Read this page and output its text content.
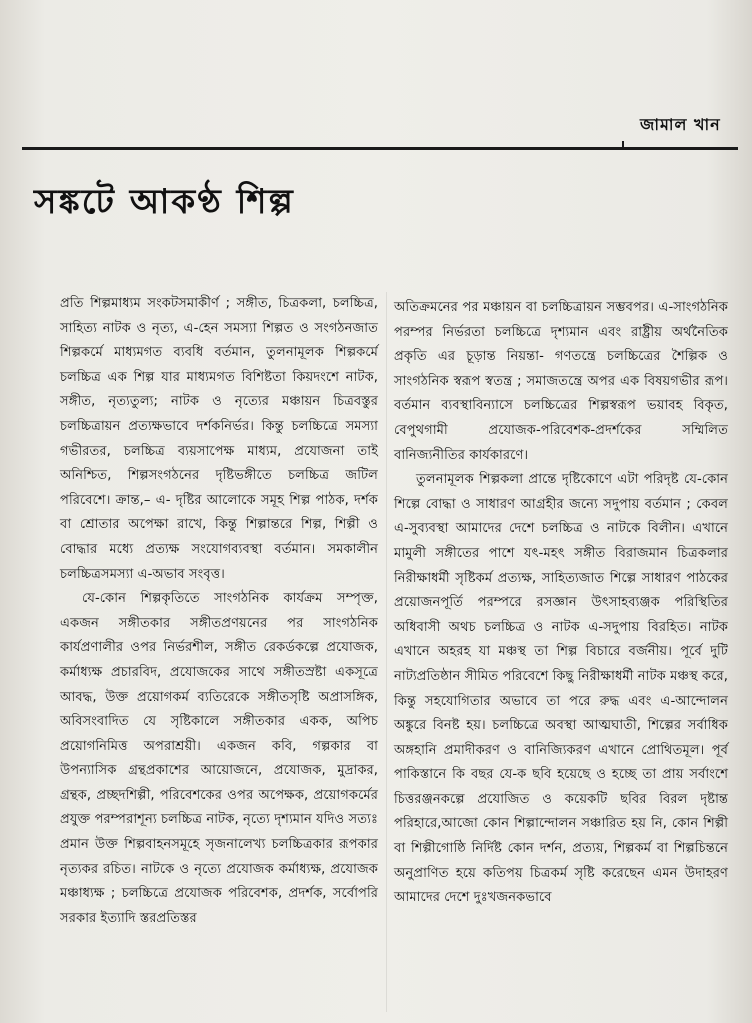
জামাল খান
সঙ্কটে আকণ্ঠ শিল্প

প্রতি শিল্পমাধ্যম সংকটসমাকীর্ণ ; সঙ্গীত, চিত্রকলা, চলচ্চিত্র, সাহিত্য নাটক ও নৃত্য, এ-হেন সমস্যা শিল্পত ও সংগঠনজাত শিল্পকর্মে মাধ্যমগত ব্যবধি বর্তমান, তুলনামূলক শিল্পকর্মে চলচ্চিত্র এক শিল্প যার মাধ্যমগত বিশিষ্টতা কিয়দংশে নাটক, সঙ্গীত, নৃত্যতুল্য; নাটক ও নৃত্যের মঞ্চায়ন চিত্রবস্তুর চলচ্চিত্রায়ন প্রত্যক্ষভাবে দর্শকনির্ভর। কিন্তু চলচ্চিত্রে সমস্যা গভীরতর, চলচ্চিত্র ব্যয়সাপেক্ষ মাধ্যম, প্রযোজনা তাই অনিশ্চিত, শিল্পসংগঠনের দৃষ্টিভঙ্গীতে চলচ্চিত্র জটিল পরিবেশে। ক্রান্ত,– এ- দৃষ্টির আলোকে সমূহ শিল্প পাঠক, দর্শক বা শ্রোতার অপেক্ষা রাখে, কিন্তু শিল্পান্তরে শিল্প, শিল্পী ও বোদ্ধার মধ্যে প্রত্যক্ষ সংযোগব্যবস্থা বর্তমান। সমকালীন চলচ্চিত্রসমস্যা এ-অভাব সংবৃত্ত।

যে-কোন শিল্পকৃতিতে সাংগঠনিক কার্যক্রম সম্পৃক্ত, একজন সঙ্গীতকার সঙ্গীতপ্রণয়নের পর সাংগঠনিক কার্যপ্রণালীর ওপর নির্ভরশীল, সঙ্গীত রেকর্ডকল্পে প্রযোজক, কর্মাধ্যক্ষ প্রচারবিদ, প্রযোজকের সাথে সঙ্গীতস্রষ্টা একসূত্রে আবদ্ধ, উক্ত প্রয়োগকর্ম ব্যতিরেকে সঙ্গীতসৃষ্টি অপ্রাসঙ্গিক, অবিসংবাদিত যে সৃষ্টিকালে সঙ্গীতকার একক, অপিচ প্রয়োগনিমিত্ত অপরাশ্রয়ী। একজন কবি, গল্পকার বা উপন্যাসিক গ্রন্থপ্রকাশের আয়োজনে, প্রযোজক, মুদ্রাকর, গ্রন্থক, প্রচ্ছদশিল্পী, পরিবেশকের ওপর অপেক্ষক, প্রয়োগকর্মের প্রযুক্ত পরম্পরাশূন্য চলচ্চিত্র নাটক, নৃত্যে দৃশ্যমান যদিও সত্যঃ প্রমান উক্ত শিল্পবাহনসমূহে সৃজনালেখ্য চলচ্চিত্রকার রূপকার নৃত্যকর রচিত। নাটকে ও নৃত্যে প্রযোজক কর্মাধ্যক্ষ, প্রযোজক মঞ্চাধ্যক্ষ ; চলচ্চিত্রে প্রযোজক পরিবেশক, প্রদর্শক, সর্বোপরি সরকার ইত্যাদি স্তরপ্রতিস্তর

অতিক্রমনের পর মঞ্চায়ন বা চলচ্চিত্রায়ন সম্ভবপর। এ-সাংগঠনিক পরম্পর নির্ভরতা চলচ্চিত্রে দৃশ্যমান এবং রাষ্ট্রীয় অর্থনৈতিক প্রকৃতি এর চূড়ান্ত নিয়ন্তা- গণতন্ত্রে চলচ্চিত্রের শৈল্পিক ও সাংগঠনিক স্বরূপ স্বতন্ত্র ; সমাজতন্ত্রে অপর এক বিষয়গভীর রূপ। বর্তমান ব্যবস্থাবিন্যাসে চলচ্চিত্রের শিল্পস্বরূপ ভয়াবহ বিকৃত, বেপুথগামী প্রযোজক-পরিবেশক-প্রদর্শকের সম্মিলিত বানিজ্যনীতির কার্যকারণে।

তুলনামূলক শিল্পকলা প্রান্তে দৃষ্টিকোণে এটা পরিদৃষ্ট যে-কোন শিল্পে বোদ্ধা ও সাধারণ আগ্রহীর জন্যে সদুপায় বর্তমান ; কেবল এ-সুব্যবস্থা আমাদের দেশে চলচ্চিত্র ও নাটকে বিলীন। এখানে মামুলী সঙ্গীতের পাশে যৎ-মহৎ সঙ্গীত বিরাজমান চিত্রকলার নিরীক্ষাধর্মী সৃষ্টিকর্ম প্রত্যক্ষ, সাহিত্যজাত শিল্পে সাধারণ পাঠকের প্রয়োজনপূর্তি পরম্পরে রসজ্ঞান উৎসাহব্যঞ্জক পরিস্থিতির অধিবাসী অথচ চলচ্চিত্র ও নাটক এ-সদুপায় বিরহিত। নাটক এখানে অহরহ যা মঞ্চস্থ তা শিল্প বিচারে বর্জনীয়। পূর্বে দুটি নাট্যপ্রতিষ্ঠান সীমিত পরিবেশে কিছু নিরীক্ষাধর্মী নাটক মঞ্চস্থ করে, কিন্তু সহযোগিতার অভাবে তা পরে রুদ্ধ এবং এ-আন্দোলন অঙ্কুরে বিনষ্ট হয়। চলচ্চিত্রে অবস্থা আত্মঘাতী, শিল্পের সর্বাধিক অঙ্গহানি প্রমাদীকরণ ও বানিজ্যিকরণ এখানে প্রোথিতমূল। পূর্ব পাকিস্তানে কি বছর যে-ক ছবি হয়েছে ও হচ্ছে তা প্রায় সর্বাংশে চিত্তরঞ্জনকল্পে প্রযোজিত ও কয়েকটি ছবির বিরল দৃষ্টান্ত পরিহারে,আজো কোন শিল্পান্দোলন সঞ্চারিত হয় নি, কোন শিল্পী বা শিল্পীগোষ্ঠি নির্দিষ্ট কোন দর্শন, প্রত্যয়, শিল্পকর্ম বা শিল্পচিন্তনে অনুপ্রাণিত হয়ে কতিপয় চিত্রকর্ম সৃষ্টি করেছেন এমন উদাহরণ আমাদের দেশে দুঃখজনকভাবে
